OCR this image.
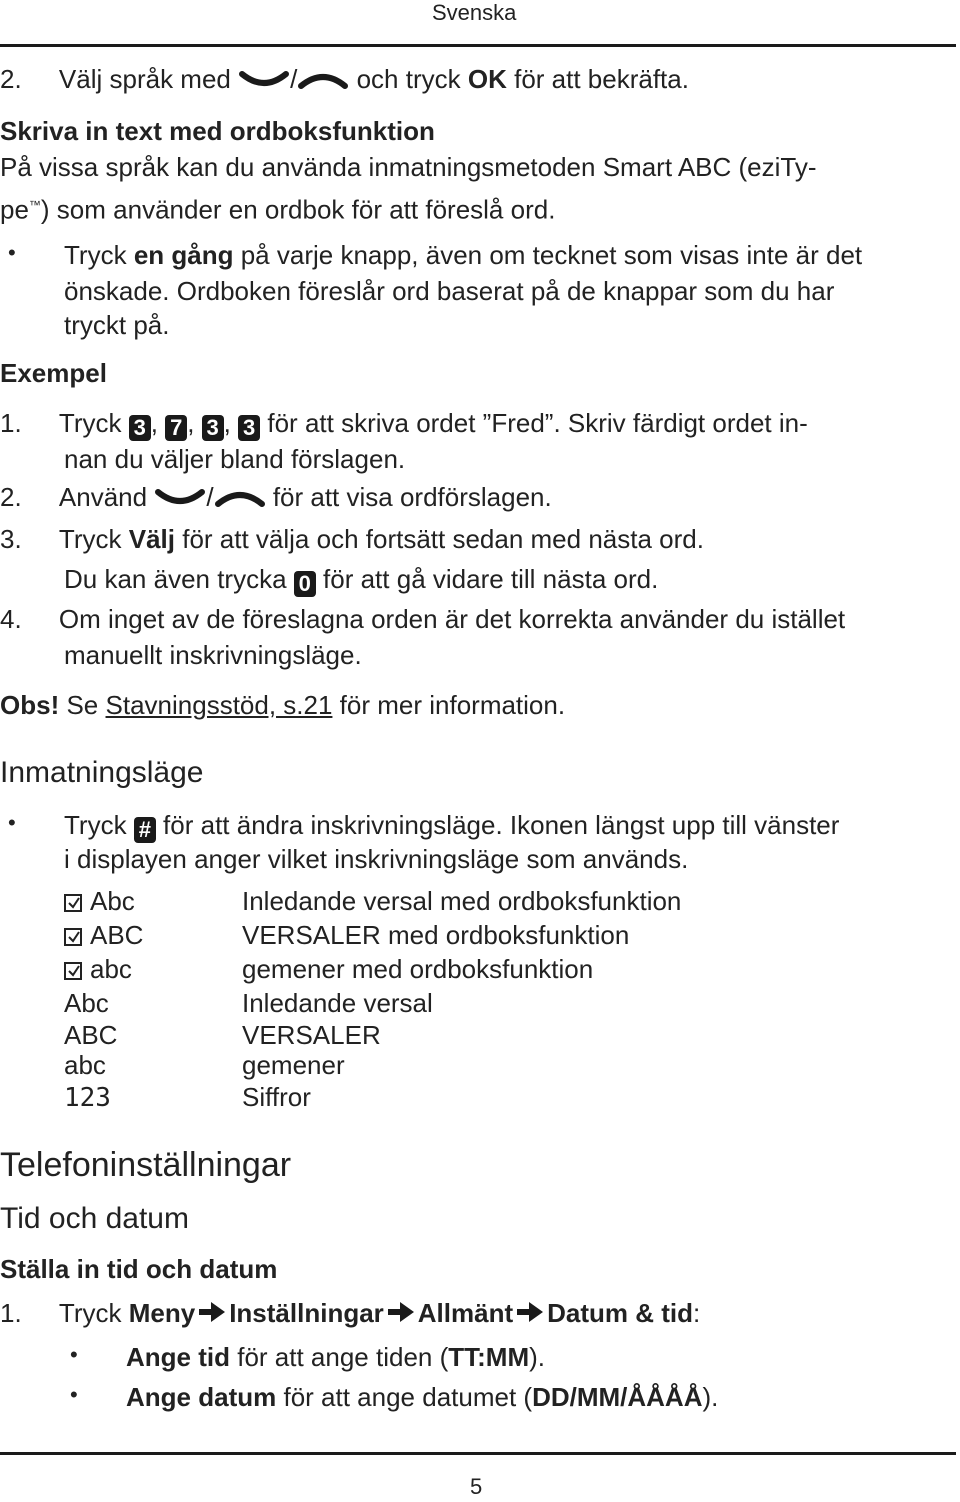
Svenska
2. Välj språk med / och tryck OK för att bekräfta.
Skriva in text med ordboksfunktion
På vissa språk kan du använda inmatningsmetoden Smart ABC (eziTy-
pe™) som använder en ordbok för att föreslå ord.
• Tryck en gång på varje knapp, även om tecknet som visas inte är det
önskade. Ordboken föreslår ord baserat på de knappar som du har
tryckt på.
Exempel
1. Tryck 3 , 7 , 3 , 3 för att skriva ordet ”Fred”. Skriv färdigt ordet in-
nan du väljer bland förslagen.
2. Använd / för att visa ordförslagen.
3. Tryck Välj för att välja och fortsätt sedan med nästa ord.
Du kan även trycka 0 för att gå vidare till nästa ord.
4. Om inget av de föreslagna orden är det korrekta använder du istället
manuellt inskrivningsläge.
Obs! Se Stavningsstöd, s.21 för mer information.
Inmatningsläge
• Tryck # för att ändra inskrivningsläge. Ikonen längst upp till vänster
i displayen anger vilket inskrivningsläge som används.
Abc	Inledande versal med ordboksfunktion
ABC	VERSALER med ordboksfunktion
abc	gemener med ordboksfunktion
Abc	Inledande versal
ABC	VERSALER
abc	gemener
123	Siffror
Telefoninställningar
Tid och datum
Ställa in tid och datum
1. Tryck Meny Inställningar Allmänt Datum & tid:
• Ange tid för att ange tiden (TT:MM).
• Ange datum för att ange datumet (DD/MM/ÅÅÅÅ).
5
